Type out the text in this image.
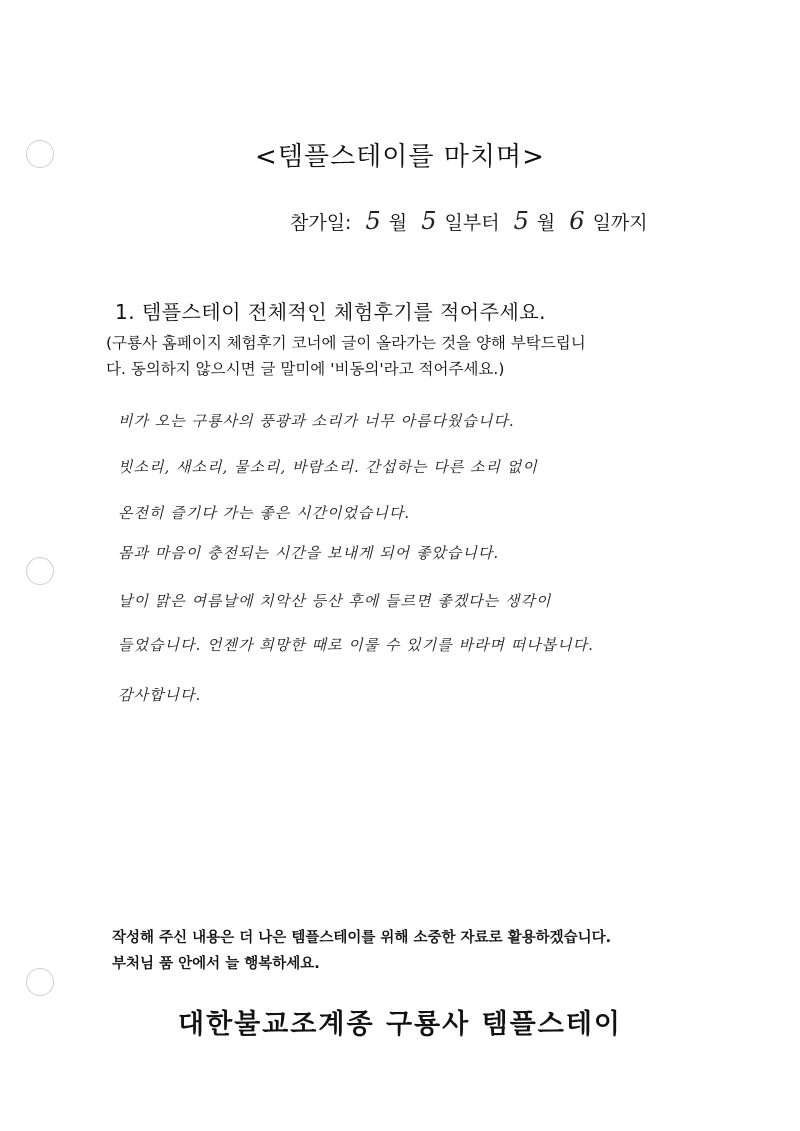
<템플스테이를 마치며>
참가일: 5 월 5 일부터 5 월 6 일까지
1. 템플스테이 전체적인 체험후기를 적어주세요.
(구룡사 홈페이지 체험후기 코너에 글이 올라가는 것을 양해 부탁드립니
다. 동의하지 않으시면 글 말미에 '비동의'라고 적어주세요.)
비가 오는 구룡사의 풍광과 소리가 너무 아름다웠습니다.
빗소리, 새소리, 물소리, 바람소리. 간섭하는 다른 소리 없이
온전히 즐기다 가는 좋은 시간이었습니다.
몸과 마음이 충전되는 시간을 보내게 되어 좋았습니다.
날이 맑은 여름날에 치악산 등산 후에 들르면 좋겠다는 생각이
들었습니다. 언젠가 희망한 때로 이룰 수 있기를 바라며 떠나봅니다.
감사합니다.
작성해 주신 내용은 더 나은 템플스테이를 위해 소중한 자료로 활용하겠습니다.
부처님 품 안에서 늘 행복하세요.
대한불교조계종 구룡사 템플스테이
